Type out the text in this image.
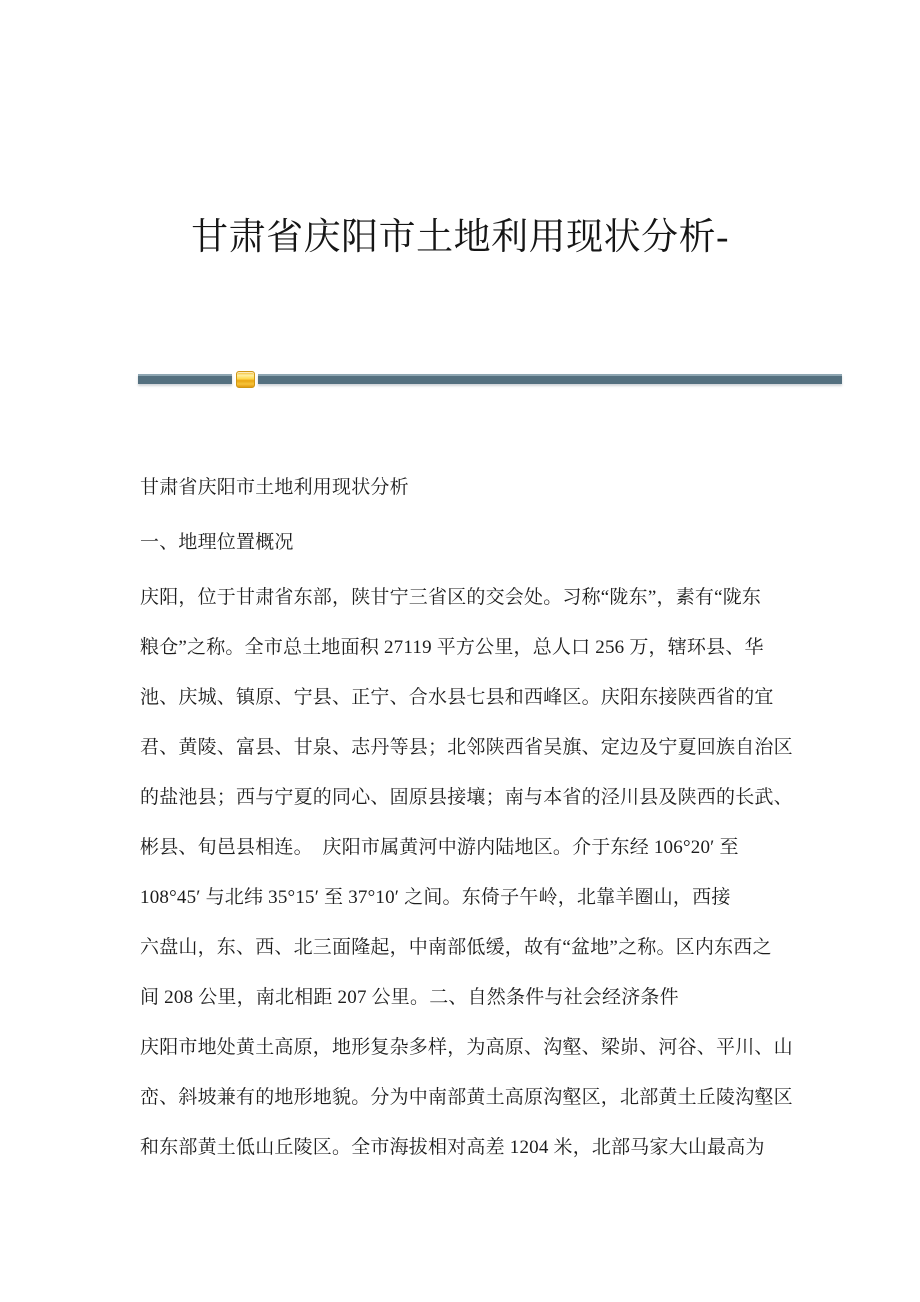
甘肃省庆阳市土地利用现状分析-
甘肃省庆阳市土地利用现状分析
一、地理位置概况
庆阳，位于甘肃省东部，陕甘宁三省区的交会处。习称“陇东”，素有“陇东
粮仓”之称。全市总土地面积 27119 平方公里，总人口 256 万，辖环县、华
池、庆城、镇原、宁县、正宁、合水县七县和西峰区。庆阳东接陕西省的宜
君、黄陵、富县、甘泉、志丹等县；北邻陕西省吴旗、定边及宁夏回族自治区
的盐池县；西与宁夏的同心、固原县接壤；南与本省的泾川县及陕西的长武、
彬县、旬邑县相连。　庆阳市属黄河中游内陆地区。介于东经 106°20′ 至
108°45′ 与北纬 35°15′ 至 37°10′ 之间。东倚子午岭，北靠羊圈山，西接
六盘山，东、西、北三面隆起，中南部低缓，故有“盆地”之称。区内东西之
间 208 公里，南北相距 207 公里。二、自然条件与社会经济条件
庆阳市地处黄土高原，地形复杂多样，为高原、沟壑、梁峁、河谷、平川、山
峦、斜坡兼有的地形地貌。分为中南部黄土高原沟壑区，北部黄土丘陵沟壑区
和东部黄土低山丘陵区。全市海拔相对高差 1204 米，北部马家大山最高为
